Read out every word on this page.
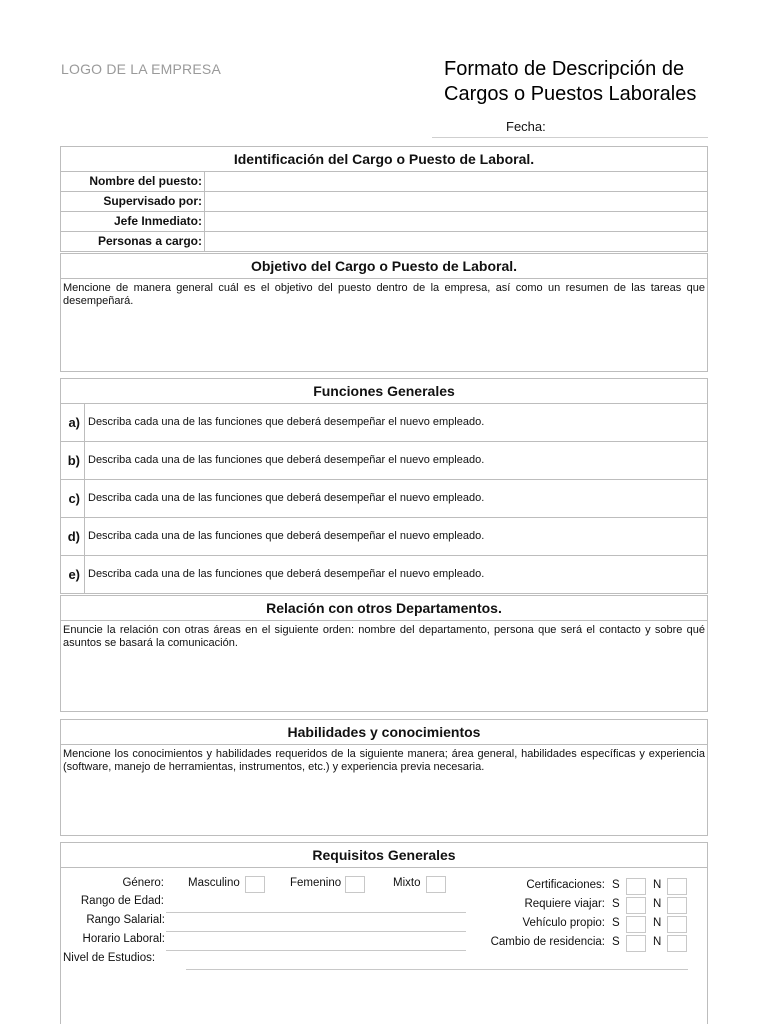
LOGO DE LA EMPRESA	Formato de Descripción de
Cargos o Puestos Laborales
Fecha:
Identificación del Cargo o Puesto de Laboral.
Nombre del puesto:
Supervisado por:
Jefe Inmediato:
Personas a cargo:
Objetivo del Cargo o Puesto de Laboral.
Mencione de manera general cuál es el objetivo del puesto dentro de la empresa, así como un resumen de las tareas que desempeñará.
Funciones Generales
a) Describa cada una de las funciones que deberá desempeñar el nuevo empleado.
b) Describa cada una de las funciones que deberá desempeñar el nuevo empleado.
c) Describa cada una de las funciones que deberá desempeñar el nuevo empleado.
d) Describa cada una de las funciones que deberá desempeñar el nuevo empleado.
e) Describa cada una de las funciones que deberá desempeñar el nuevo empleado.
Relación con otros Departamentos.
Enuncie la relación con otras áreas en el siguiente orden: nombre del departamento, persona que será el contacto y sobre qué asuntos se basará la comunicación.
Habilidades y conocimientos
Mencione los conocimientos y habilidades requeridos de la siguiente manera; área general, habilidades específicas y experiencia (software, manejo de herramientas, instrumentos, etc.) y experiencia previa necesaria.
Requisitos Generales
Género: Masculino	Femenino	Mixto
Rango de Edad:
Rango Salarial:
Horario Laboral:
Nivel de Estudios:
Certificaciones: S	N
Requiere viajar: S	N
Vehículo propio: S	N
Cambio de residencia: S	N
